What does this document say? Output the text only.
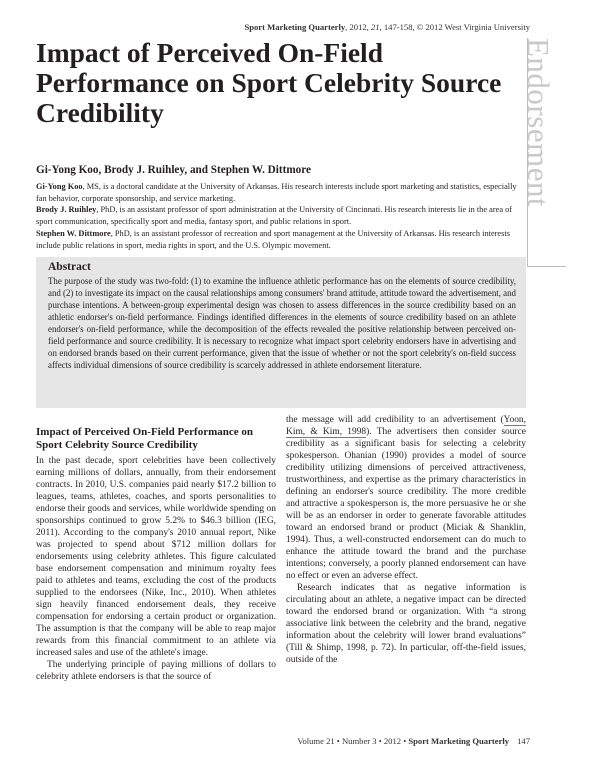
Sport Marketing Quarterly, 2012, 21, 147-158, © 2012 West Virginia University
Endorsement
Impact of Perceived On-Field Performance on Sport Celebrity Source Credibility
Gi-Yong Koo, Brody J. Ruihley, and Stephen W. Dittmore

Gi-Yong Koo, MS, is a doctoral candidate at the University of Arkansas. His research interests include sport marketing and statistics, especially fan behavior, corporate sponsorship, and service marketing.

Brody J. Ruihley, PhD, is an assistant professor of sport administration at the University of Cincinnati. His research interests lie in the area of sport communication, specifically sport and media, fantasy sport, and public relations in sport.

Stephen W. Dittmore, PhD, is an assistant professor of recreation and sport management at the University of Arkansas. His research interests include public relations in sport, media rights in sport, and the U.S. Olympic movement.

Abstract

The purpose of the study was two-fold: (1) to examine the influence athletic performance has on the elements of source credibility, and (2) to investigate its impact on the causal relationships among consumers' brand attitude, attitude toward the advertisement, and purchase intentions. A between-group experimental design was chosen to assess differences in the source credibility based on an athletic endorser's on-field performance. Findings identified differences in the elements of source credibility based on an athlete endorser's on-field performance, while the decomposition of the effects revealed the positive relationship between perceived on-field performance and source credibility. It is necessary to recognize what impact sport celebrity endorsers have in advertising and on endorsed brands based on their current performance, given that the issue of whether or not the sport celebrity's on-field success affects individual dimensions of source credibility is scarcely addressed in athlete endorsement literature.

Impact of Perceived On-Field Performance on Sport Celebrity Source Credibility

In the past decade, sport celebrities have been collectively earning millions of dollars, annually, from their endorsement contracts. In 2010, U.S. companies paid nearly $17.2 billion to leagues, teams, athletes, coaches, and sports personalities to endorse their goods and services, while worldwide spending on sponsorships continued to grow 5.2% to $46.3 billion (IEG, 2011). According to the company's 2010 annual report, Nike was projected to spend about $712 million dollars for endorsements using celebrity athletes. This figure calculated base endorsement compensation and minimum royalty fees paid to athletes and teams, excluding the cost of the products supplied to the endorsees (Nike, Inc., 2010). When athletes sign heavily financed endorsement deals, they receive compensation for endorsing a certain product or organization. The assumption is that the company will be able to reap major rewards from this financial commitment to an athlete via increased sales and use of the athlete's image.

The underlying principle of paying millions of dollars to celebrity athlete endorsers is that the source of

the message will add credibility to an advertisement (Yoon, Kim, & Kim, 1998). The advertisers then consider source credibility as a significant basis for selecting a celebrity spokesperson. Ohanian (1990) provides a model of source credibility utilizing dimensions of perceived attractiveness, trustworthiness, and expertise as the primary characteristics in defining an endorser's source credibility. The more credible and attractive a spokesperson is, the more persuasive he or she will be as an endorser in order to generate favorable attitudes toward an endorsed brand or product (Miciak & Shanklin, 1994). Thus, a well-constructed endorsement can do much to enhance the attitude toward the brand and the purchase intentions; conversely, a poorly planned endorsement can have no effect or even an adverse effect.

Research indicates that as negative information is circulating about an athlete, a negative impact can be directed toward the endorsed brand or organization. With “a strong associative link between the celebrity and the brand, negative information about the celebrity will lower brand evaluations” (Till & Shimp, 1998, p. 72). In particular, off-the-field issues, outside of the

Volume 21 • Number 3 • 2012 • Sport Marketing Quarterly 147
